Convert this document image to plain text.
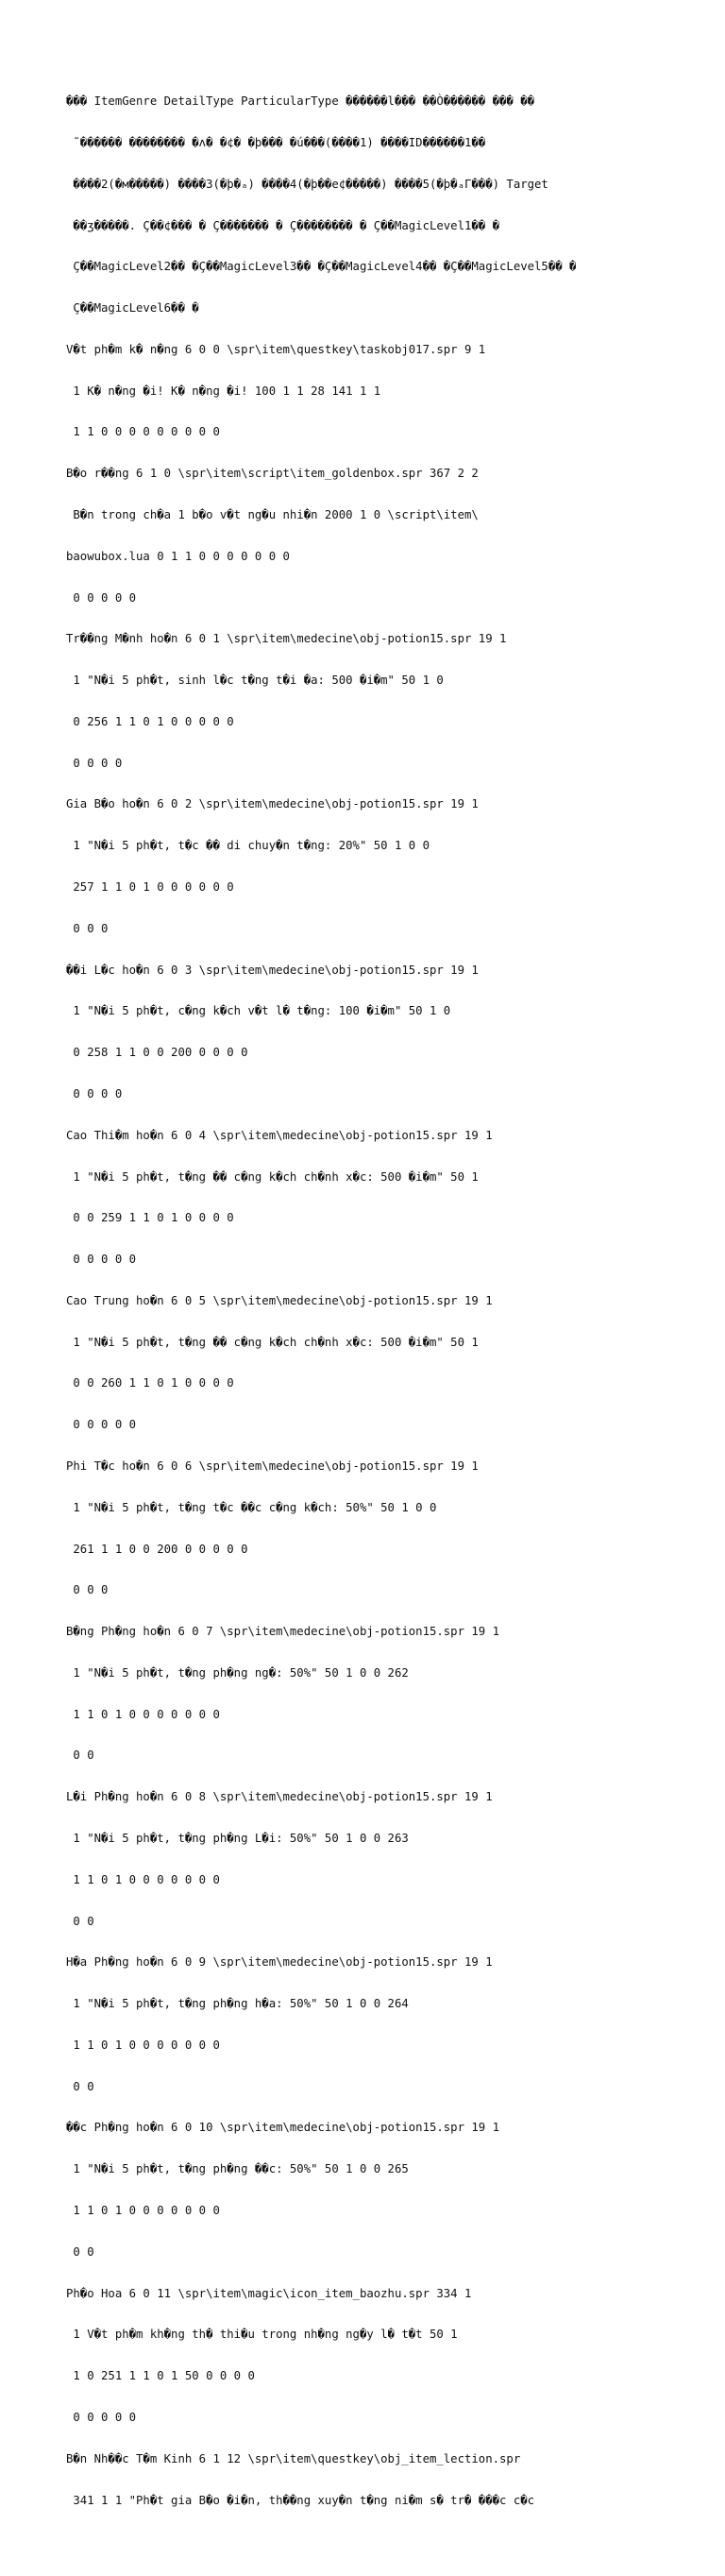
��� ItemGenre DetailType ParticularType ������l��� ��Ò������ ��� ��

˜������ �������� �ʌ� �¢� �þ��� �ú���(����1) ����ID������1��

����2(�м�����) ����3(�þ�ₐ) ����4(�þ��e¢�����) ����5(�þ�ₐΓ���) Target

��ʒ�����. Ç��¢��� � Ç������� � Ç�������� � Ç��MagicLevel1�� �

Ç��MagicLevel2�� �Ç��MagicLevel3�� �Ç��MagicLevel4�� �Ç��MagicLevel5�� �

Ç��MagicLevel6�� �

V�t ph�m k� n�ng 6 0 0 \spr\item\questkey\taskobj017.spr 9 1

1 K� n�ng �i! K� n�ng �i! 100 1 1 28 141 1 1

1 1 0 0 0 0 0 0 0 0 0

B�o r��ng 6 1 0 \spr\item\script\item_goldenbox.spr 367 2 2

B�n trong ch�a 1 b�o v�t ng�u nhi�n 2000 1 0 \script\item\

baowubox.lua 0 1 1 0 0 0 0 0 0 0

0 0 0 0 0

Tr��ng M�nh ho�n 6 0 1 \spr\item\medecine\obj-potion15.spr 19 1

1 "N�i 5 ph�t, sinh l�c t�ng t�i �a: 500 �i�m" 50 1 0

0 256 1 1 0 1 0 0 0 0 0

0 0 0 0

Gia B�o ho�n 6 0 2 \spr\item\medecine\obj-potion15.spr 19 1

1 "N�i 5 ph�t, t�c �� di chuy�n t�ng: 20%" 50 1 0 0

257 1 1 0 1 0 0 0 0 0 0

0 0 0

��i L�c ho�n 6 0 3 \spr\item\medecine\obj-potion15.spr 19 1

1 "N�i 5 ph�t, c�ng k�ch v�t l� t�ng: 100 �i�m" 50 1 0

0 258 1 1 0 0 200 0 0 0 0

0 0 0 0

Cao Thi�m ho�n 6 0 4 \spr\item\medecine\obj-potion15.spr 19 1

1 "N�i 5 ph�t, t�ng �� c�ng k�ch ch�nh x�c: 500 �i�m" 50 1

0 0 259 1 1 0 1 0 0 0 0

0 0 0 0 0

Cao Trung ho�n 6 0 5 \spr\item\medecine\obj-potion15.spr 19 1

1 "N�i 5 ph�t, t�ng �� c�ng k�ch ch�nh x�c: 500 �i�m" 50 1

0 0 260 1 1 0 1 0 0 0 0

0 0 0 0 0

Phi T�c ho�n 6 0 6 \spr\item\medecine\obj-potion15.spr 19 1

1 "N�i 5 ph�t, t�ng t�c ��c c�ng k�ch: 50%" 50 1 0 0

261 1 1 0 0 200 0 0 0 0 0

0 0 0

B�ng Ph�ng ho�n 6 0 7 \spr\item\medecine\obj-potion15.spr 19 1

1 "N�i 5 ph�t, t�ng ph�ng ng�: 50%" 50 1 0 0 262

1 1 0 1 0 0 0 0 0 0 0

0 0

L�i Ph�ng ho�n 6 0 8 \spr\item\medecine\obj-potion15.spr 19 1

1 "N�i 5 ph�t, t�ng ph�ng L�i: 50%" 50 1 0 0 263

1 1 0 1 0 0 0 0 0 0 0

0 0

H�a Ph�ng ho�n 6 0 9 \spr\item\medecine\obj-potion15.spr 19 1

1 "N�i 5 ph�t, t�ng ph�ng h�a: 50%" 50 1 0 0 264

1 1 0 1 0 0 0 0 0 0 0

0 0

��c Ph�ng ho�n 6 0 10 \spr\item\medecine\obj-potion15.spr 19 1

1 "N�i 5 ph�t, t�ng ph�ng ��c: 50%" 50 1 0 0 265

1 1 0 1 0 0 0 0 0 0 0

0 0

Ph�o Hoa 6 0 11 \spr\item\magic\icon_item_baozhu.spr 334 1

1 V�t ph�m kh�ng th� thi�u trong nh�ng ng�y l� t�t 50 1

1 0 251 1 1 0 1 50 0 0 0 0

0 0 0 0 0

B�n Nh��c T�m Kinh 6 1 12 \spr\item\questkey\obj_item_lection.spr

341 1 1 "Ph�t gia B�o �i�n, th��ng xuy�n t�ng ni�m s� tr� ���c c�c
